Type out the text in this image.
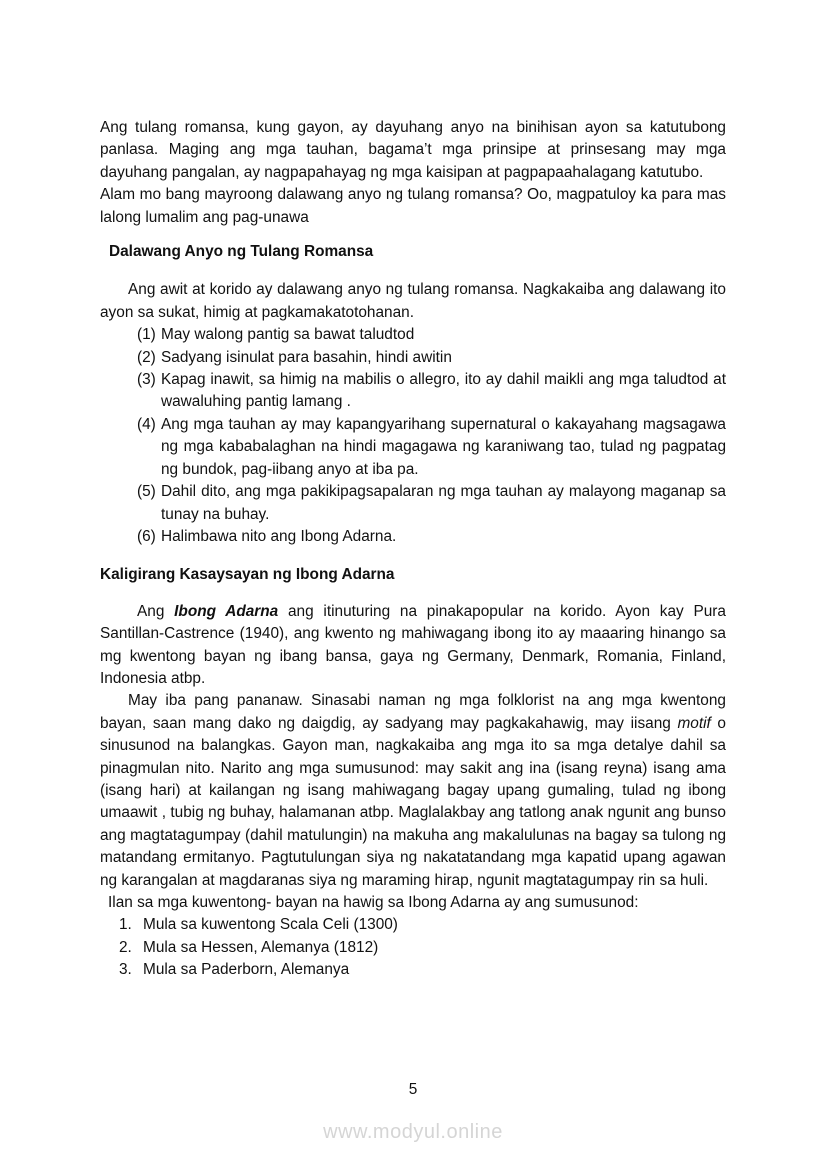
Ang tulang romansa, kung gayon, ay dayuhang anyo na binihisan ayon sa katutubong panlasa. Maging ang mga tauhan, bagama’t mga prinsipe at prinsesang may mga dayuhang pangalan, ay nagpapahayag ng mga kaisipan at pagpapaahalagang katutubo.

Alam mo bang mayroong dalawang anyo ng tulang romansa? Oo, magpatuloy ka para mas lalong lumalim ang pag-unawa

Dalawang Anyo ng Tulang Romansa

Ang awit at korido ay dalawang anyo ng tulang romansa. Nagkakaiba ang dalawang ito ayon sa sukat, himig at pagkamakatotohanan.

(1) May walong pantig sa bawat taludtod
(2) Sadyang isinulat para basahin, hindi awitin
(3) Kapag inawit, sa himig na mabilis o allegro, ito ay dahil maikli ang mga taludtod at wawaluhing pantig lamang .
(4) Ang mga tauhan ay may kapangyarihang supernatural o kakayahang magsagawa ng mga kababalaghan na hindi magagawa ng karaniwang tao, tulad ng pagpatag ng bundok, pag-iibang anyo at iba pa.
(5) Dahil dito, ang mga pakikipagsapalaran ng mga tauhan ay malayong maganap sa tunay na buhay.
(6) Halimbawa nito ang Ibong Adarna.
Kaligirang Kasaysayan ng Ibong Adarna

Ang Ibong Adarna ang itinuturing na pinakapopular na korido. Ayon kay Pura Santillan-Castrence (1940), ang kwento ng mahiwagang ibong ito ay maaaring hinango sa mg kwentong bayan ng ibang bansa, gaya ng Germany, Denmark, Romania, Finland, Indonesia atbp.

May iba pang pananaw. Sinasabi naman ng mga folklorist na ang mga kwentong bayan, saan mang dako ng daigdig, ay sadyang may pagkakahawig, may iisang motif o sinusunod na balangkas. Gayon man, nagkakaiba ang mga ito sa mga detalye dahil sa pinagmulan nito. Narito ang mga sumusunod: may sakit ang ina (isang reyna) isang ama (isang hari) at kailangan ng isang mahiwagang bagay upang gumaling, tulad ng ibong umaawit , tubig ng buhay, halamanan atbp. Maglalakbay ang tatlong anak ngunit ang bunso ang magtatagumpay (dahil matulungin) na makuha ang makalulunas na bagay sa tulong ng matandang ermitanyo. Pagtutulungan siya ng nakatatandang mga kapatid upang agawan ng karangalan at magdaranas siya ng maraming hirap, ngunit magtatagumpay rin sa huli.

Ilan sa mga kuwentong- bayan na hawig sa Ibong Adarna ay ang sumusunod:

1. Mula sa kuwentong Scala Celi (1300)
2. Mula sa Hessen, Alemanya (1812)
3. Mula sa Paderborn, Alemanya
5
www.modyul.online
